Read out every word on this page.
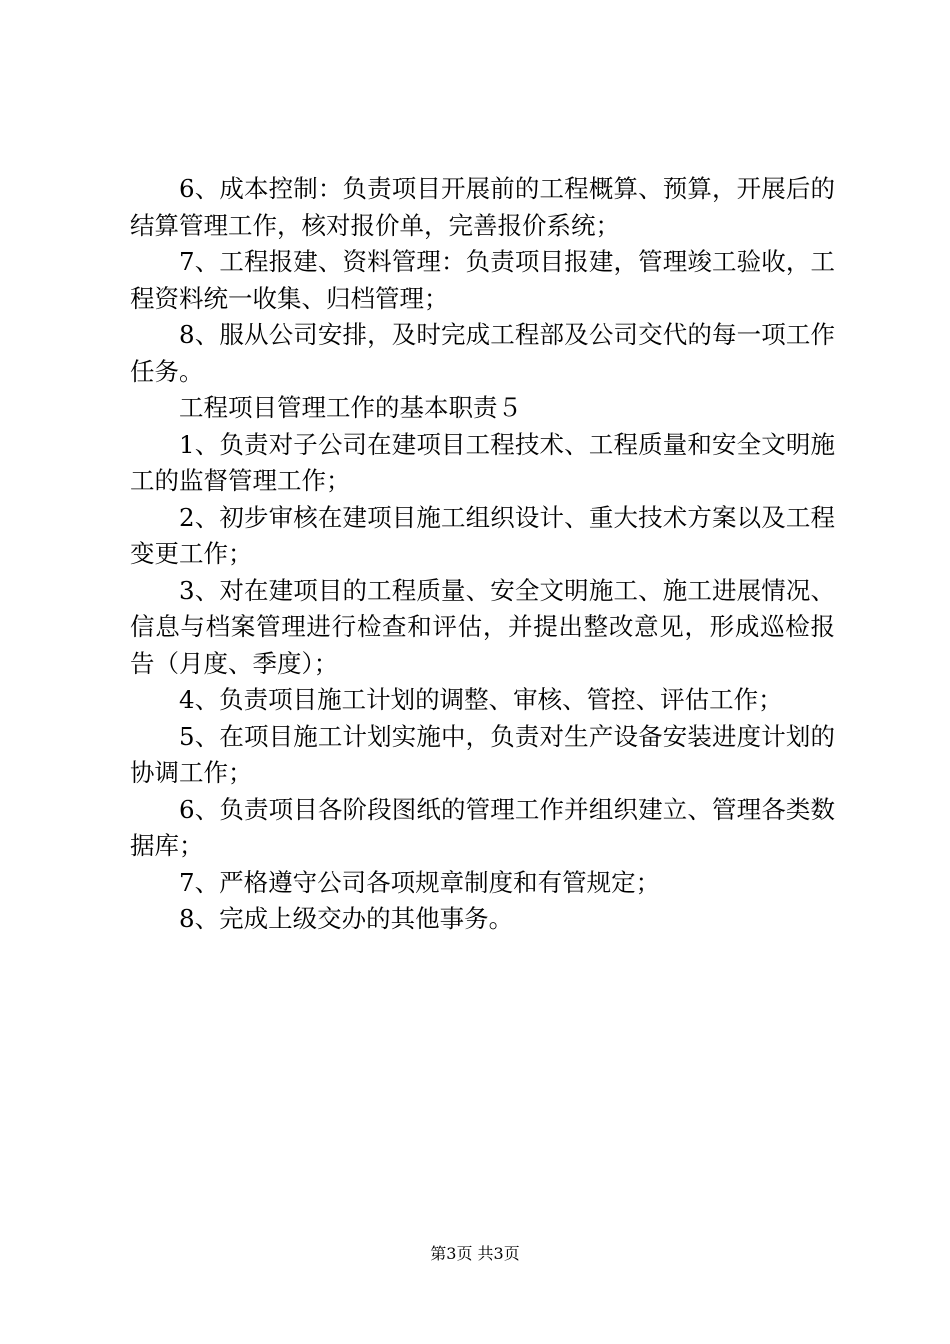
6、成本控制：负责项目开展前的工程概算、预算，开展后的结算管理工作，核对报价单，完善报价系统；

7、工程报建、资料管理：负责项目报建，管理竣工验收，工程资料统一收集、归档管理；

8、服从公司安排，及时完成工程部及公司交代的每一项工作任务。

工程项目管理工作的基本职责５

1、负责对子公司在建项目工程技术、工程质量和安全文明施工的监督管理工作；

2、初步审核在建项目施工组织设计、重大技术方案以及工程变更工作；

3、对在建项目的工程质量、安全文明施工、施工进展情况、信息与档案管理进行检查和评估，并提出整改意见，形成巡检报告（月度、季度）；

4、负责项目施工计划的调整、审核、管控、评估工作；

5、在项目施工计划实施中，负责对生产设备安装进度计划的协调工作；

6、负责项目各阶段图纸的管理工作并组织建立、管理各类数据库；

7、严格遵守公司各项规章制度和有管规定；

8、完成上级交办的其他事务。

第3页 共3页
